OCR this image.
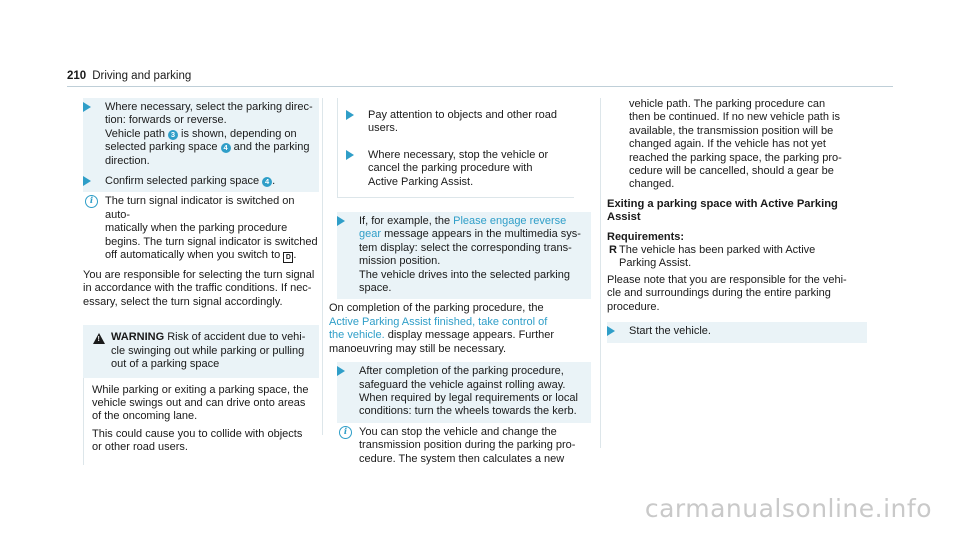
210 Driving and parking
Where necessary, select the parking direc-
tion: forwards or reverse.
Vehicle path 3 is shown, depending on
selected parking space 4 and the parking
direction.
Confirm selected parking space 4 .
i	The turn signal indicator is switched on auto-
matically when the parking procedure
begins. The turn signal indicator is switched
off automatically when you switch to D .
You are responsible for selecting the turn signal
in accordance with the traffic conditions. If nec-
essary, select the turn signal accordingly.
! WARNING Risk of accident due to vehi-
cle swinging out while parking or pulling
out of a parking space

While parking or exiting a parking space, the
vehicle swings out and can drive onto areas
of the oncoming lane.

This could cause you to collide with objects
or other road users.

Pay attention to objects and other road
users.
Where necessary, stop the vehicle or
cancel the parking procedure with
Active Parking Assist.
If, for example, the Please engage reverse
gear message appears in the multimedia sys-
tem display: select the corresponding trans-
mission position.
The vehicle drives into the selected parking
space.
On completion of the parking procedure, the
Active Parking Assist finished, take control of
the vehicle. display message appears. Further
manoeuvring may still be necessary.
After completion of the parking procedure,
safeguard the vehicle against rolling away.
When required by legal requirements or local
conditions: turn the wheels towards the kerb.
i	You can stop the vehicle and change the
transmission position during the parking pro-
cedure. The system then calculates a new
vehicle path. The parking procedure can
then be continued. If no new vehicle path is
available, the transmission position will be
changed again. If the vehicle has not yet
reached the parking space, the parking pro-
cedure will be cancelled, should a gear be
changed.
Exiting a parking space with Active Parking
Assist
Requirements:
R The vehicle has been parked with Active
Parking Assist.
Please note that you are responsible for the vehi-
cle and surroundings during the entire parking
procedure.
Start the vehicle.
carmanualsonline.info
